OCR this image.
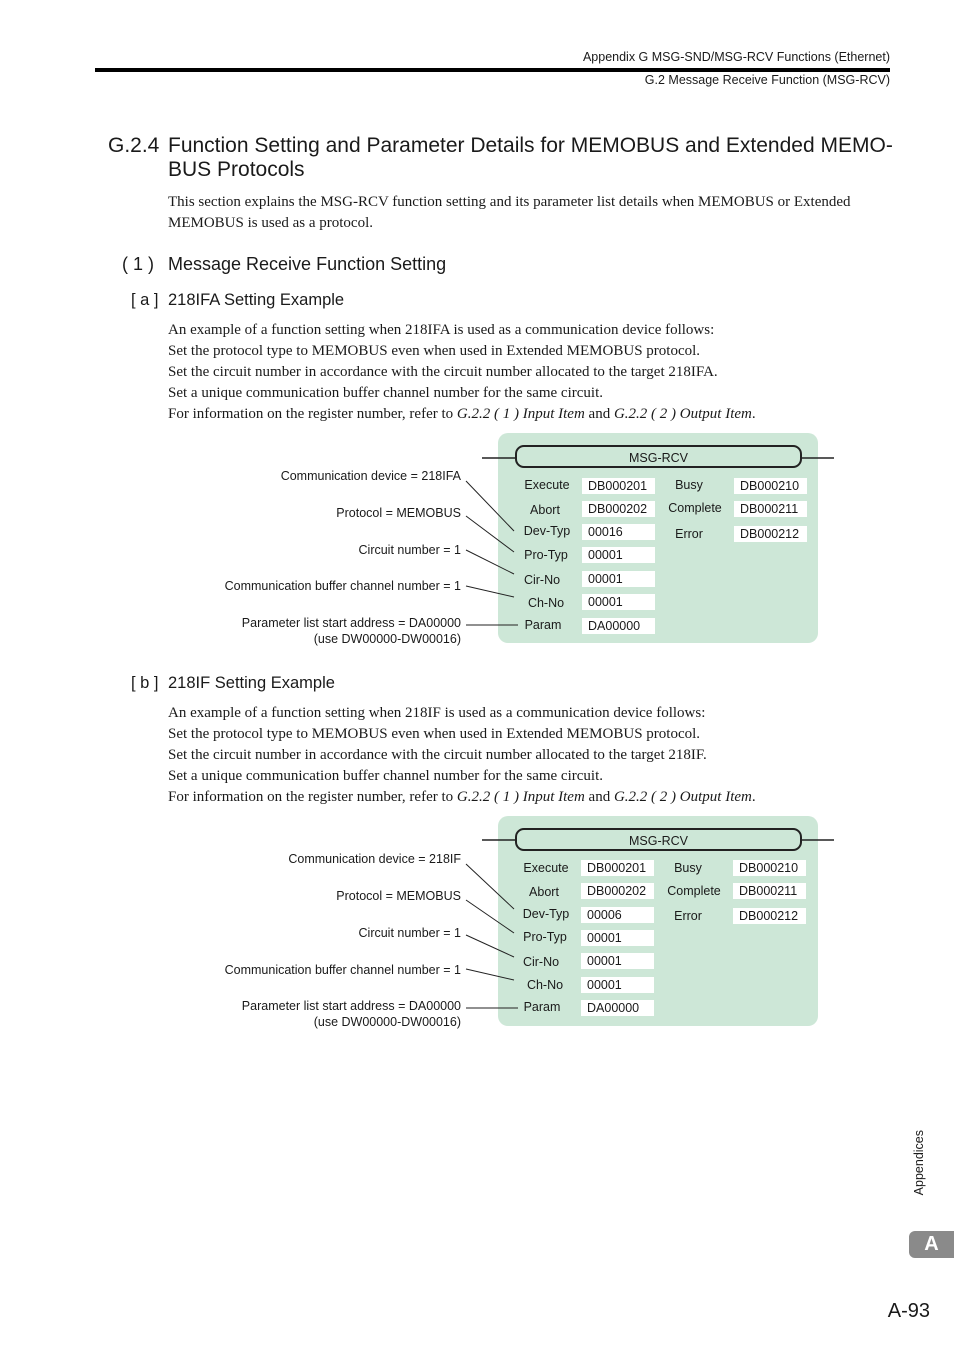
Appendix G MSG-SND/MSG-RCV Functions (Ethernet)
G.2 Message Receive Function (MSG-RCV)
G.2.4 Function Setting and Parameter Details for MEMOBUS and Extended MEMO-BUS Protocols
This section explains the MSG-RCV function setting and its parameter list details when MEMOBUS or Extended MEMOBUS is used as a protocol.
( 1 ) Message Receive Function Setting
[ a ] 218IFA Setting Example

An example of a function setting when 218IFA is used as a communication device follows:

Set the protocol type to MEMOBUS even when used in Extended MEMOBUS protocol.

Set the circuit number in accordance with the circuit number allocated to the target 218IFA.

Set a unique communication buffer channel number for the same circuit.

For information on the register number, refer to G.2.2 ( 1 ) Input Item and G.2.2 ( 2 ) Output Item.

MSG-RCV
Communication device = 218IFA
Protocol = MEMOBUS
Circuit number = 1
Communication buffer channel number = 1
Parameter list start address = DA00000
(use DW00000-DW00016)
Execute	DB000201
Abort	DB000202
Dev-Typ	00016
Pro-Typ	00001
Cir-No	00001
Ch-No	00001
Param	DA00000
Busy	DB000210
Complete	DB000211
Error	DB000212
[ b ] 218IF Setting Example

An example of a function setting when 218IF is used as a communication device follows:

Set the protocol type to MEMOBUS even when used in Extended MEMOBUS protocol.

Set the circuit number in accordance with the circuit number allocated to the target 218IF.

Set a unique communication buffer channel number for the same circuit.

For information on the register number, refer to G.2.2 ( 1 ) Input Item and G.2.2 ( 2 ) Output Item.

MSG-RCV
Communication device = 218IF
Protocol = MEMOBUS
Circuit number = 1
Communication buffer channel number = 1
Parameter list start address = DA00000
(use DW00000-DW00016)
Execute	DB000201
Abort	DB000202
Dev-Typ	00006
Pro-Typ	00001
Cir-No	00001
Ch-No	00001
Param	DA00000
Busy	DB000210
Complete	DB000211
Error	DB000212
Appendices
A
A-93
